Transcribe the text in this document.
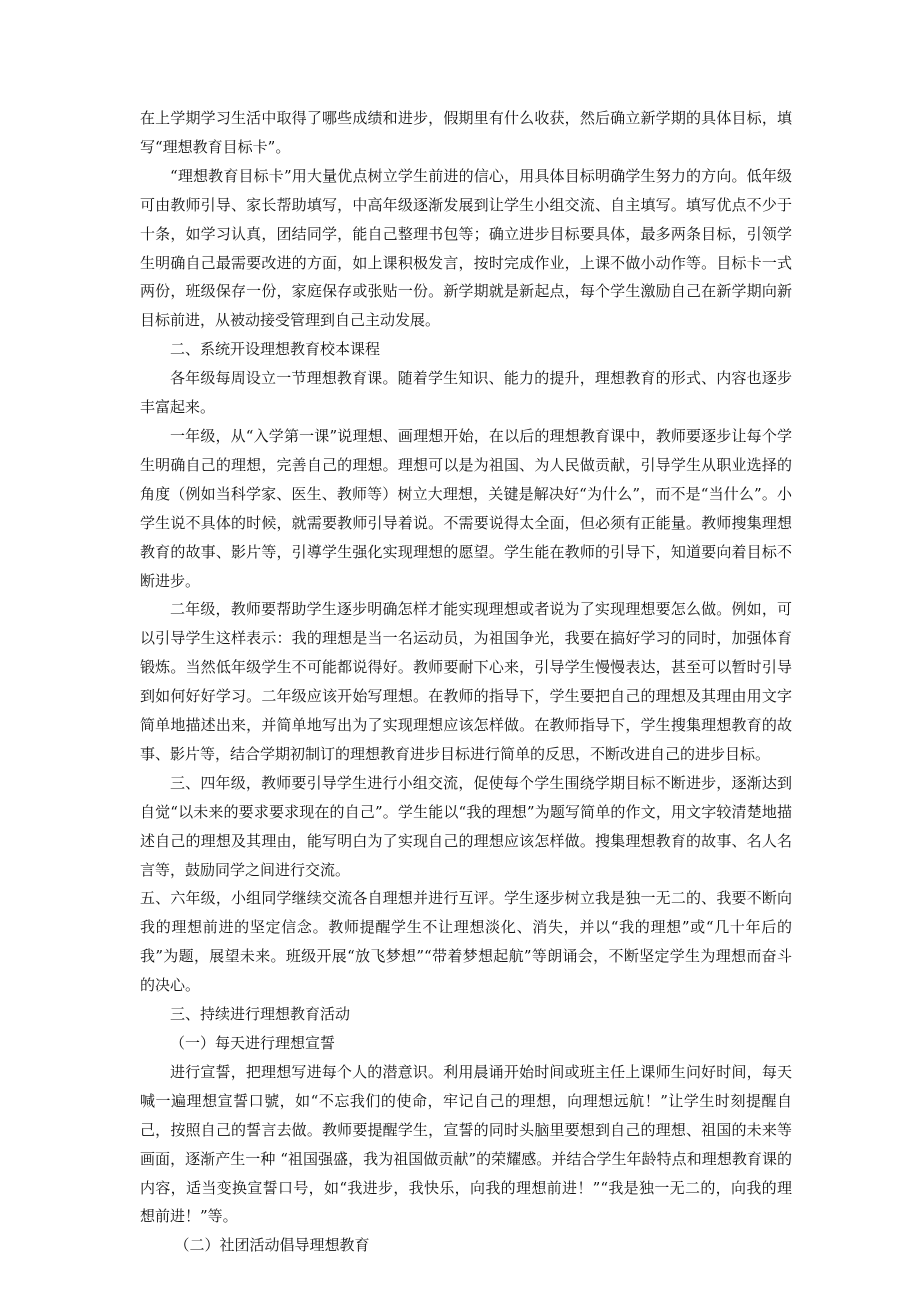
在上学期学习生活中取得了哪些成绩和进步，假期里有什么收获，然后确立新学期的具体目标，填写“理想教育目标卡”。

“理想教育目标卡”用大量优点树立学生前进的信心，用具体目标明确学生努力的方向。低年级可由教师引导、家长帮助填写，中高年级逐渐发展到让学生小组交流、自主填写。填写优点不少于十条，如学习认真，团结同学，能自己整理书包等；确立进步目标要具体，最多两条目标，引领学生明确自己最需要改进的方面，如上课积极发言，按时完成作业，上课不做小动作等。目标卡一式两份，班级保存一份，家庭保存或张贴一份。新学期就是新起点，每个学生激励自己在新学期向新目标前进，从被动接受管理到自己主动发展。

二、系统开设理想教育校本课程

各年级每周设立一节理想教育课。随着学生知识、能力的提升，理想教育的形式、内容也逐步丰富起来。

一年级，从“入学第一课”说理想、画理想开始，在以后的理想教育课中，教师要逐步让每个学生明确自己的理想，完善自己的理想。理想可以是为祖国、为人民做贡献，引导学生从职业选择的角度（例如当科学家、医生、教师等）树立大理想，关键是解决好“为什么”，而不是“当什么”。小学生说不具体的时候，就需要教师引导着说。不需要说得太全面，但必须有正能量。教师搜集理想教育的故事、影片等，引導学生强化实现理想的愿望。学生能在教师的引导下，知道要向着目标不断进步。

二年级，教师要帮助学生逐步明确怎样才能实现理想或者说为了实现理想要怎么做。例如，可以引导学生这样表示：我的理想是当一名运动员，为祖国争光，我要在搞好学习的同时，加强体育锻炼。当然低年级学生不可能都说得好。教师要耐下心来，引导学生慢慢表达，甚至可以暂时引导到如何好好学习。二年级应该开始写理想。在教师的指导下，学生要把自己的理想及其理由用文字简单地描述出来，并简单地写出为了实现理想应该怎样做。在教师指导下，学生搜集理想教育的故事、影片等，结合学期初制订的理想教育进步目标进行简单的反思，不断改进自己的进步目标。

三、四年级，教师要引导学生进行小组交流，促使每个学生围绕学期目标不断进步，逐渐达到自觉“以未来的要求要求现在的自己”。学生能以“我的理想”为题写简单的作文，用文字较清楚地描述自己的理想及其理由，能写明白为了实现自己的理想应该怎样做。搜集理想教育的故事、名人名言等，鼓励同学之间进行交流。

五、六年级，小组同学继续交流各自理想并进行互评。学生逐步树立我是独一无二的、我要不断向我的理想前进的坚定信念。教师提醒学生不让理想淡化、消失，并以“我的理想”或“几十年后的我”为题，展望未来。班级开展“放飞梦想”“带着梦想起航”等朗诵会，不断坚定学生为理想而奋斗的决心。

三、持续进行理想教育活动

（一）每天进行理想宣誓

进行宣誓，把理想写进每个人的潜意识。利用晨诵开始时间或班主任上课师生问好时间，每天喊一遍理想宣誓口號，如“不忘我们的使命，牢记自己的理想，向理想远航！”让学生时刻提醒自己，按照自己的誓言去做。教师要提醒学生，宣誓的同时头脑里要想到自己的理想、祖国的未来等画面，逐渐产生一种 “祖国强盛，我为祖国做贡献”的荣耀感。并结合学生年龄特点和理想教育课的内容，适当变换宣誓口号，如“我进步，我快乐，向我的理想前进！”“我是独一无二的，向我的理想前进！”等。

（二）社团活动倡导理想教育
